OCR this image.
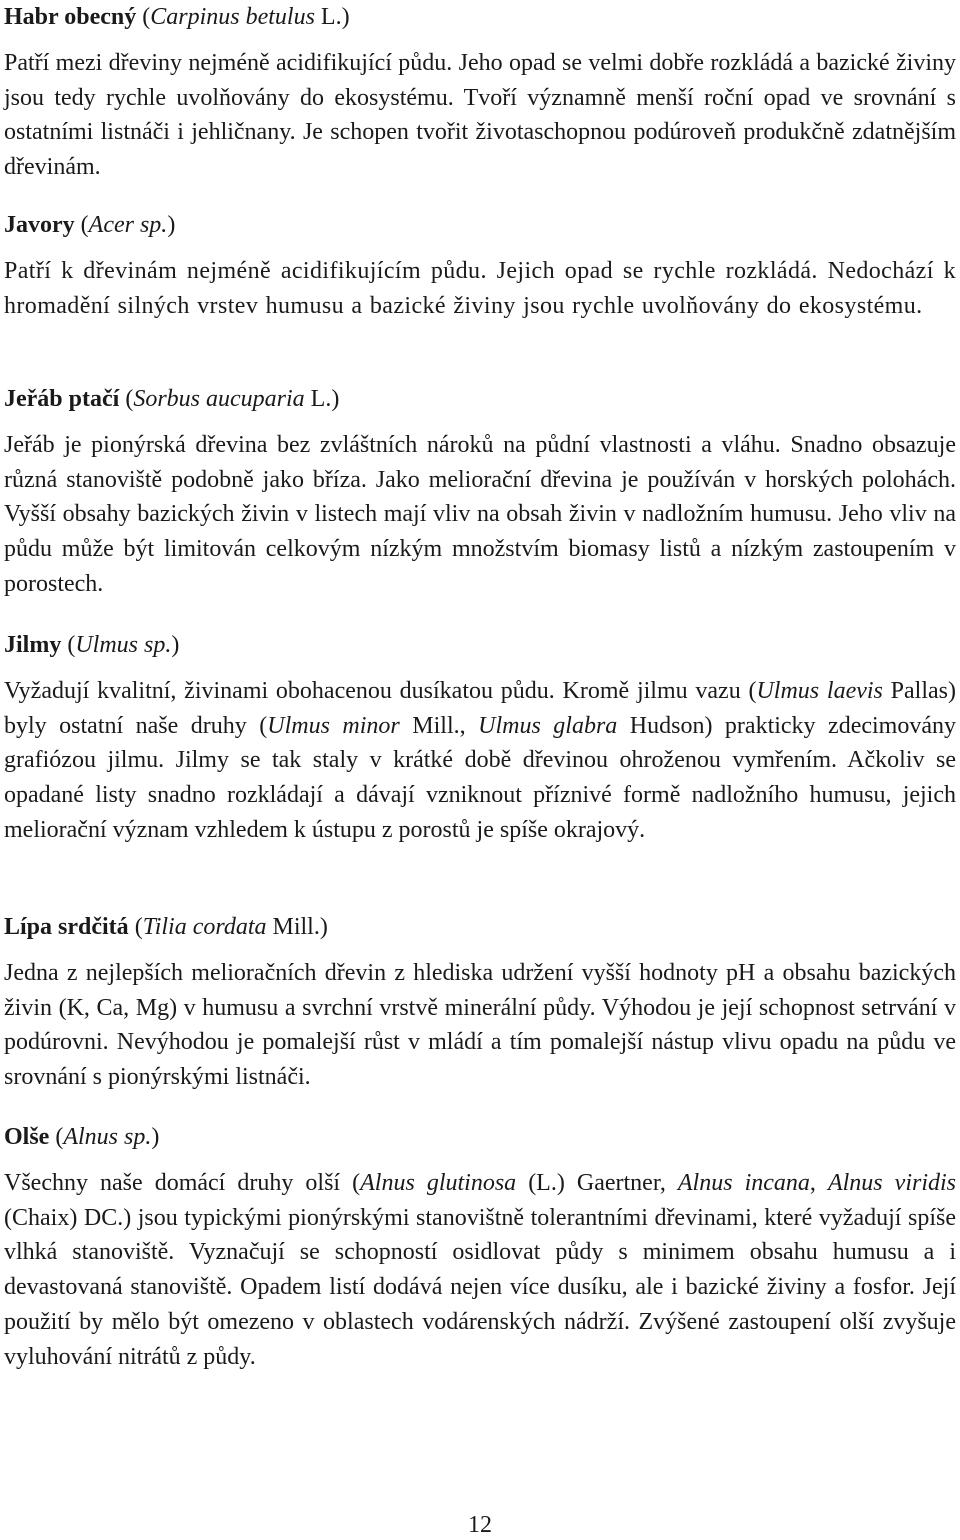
Habr obecný (Carpinus betulus L.)

Patří mezi dřeviny nejméně acidifikující půdu. Jeho opad se velmi dobře rozkládá a bazické živiny jsou tedy rychle uvolňovány do ekosystému. Tvoří významně menší roční opad ve srovnání s ostatními listnáči i jehličnany. Je schopen tvořit životaschopnou podúroveň produkčně zdatnějším dřevinám.

Javory (Acer sp.)

Patří k dřevinám nejméně acidifikujícím půdu. Jejich opad se rychle rozkládá. Nedochází k hromadění silných vrstev humusu a bazické živiny jsou rychle uvolňovány do ekosystému.

Jeřáb ptačí (Sorbus aucuparia L.)

Jeřáb je pionýrská dřevina bez zvláštních nároků na půdní vlastnosti a vláhu. Snadno obsazuje různá stanoviště podobně jako bříza. Jako meliorační dřevina je používán v horských polohách. Vyšší obsahy bazických živin v listech mají vliv na obsah živin v nadložním humusu. Jeho vliv na půdu může být limitován celkovým nízkým množstvím biomasy listů a nízkým zastoupením v porostech.

Jilmy (Ulmus sp.)

Vyžadují kvalitní, živinami obohacenou dusíkatou půdu. Kromě jilmu vazu (Ulmus laevis Pallas) byly ostatní naše druhy (Ulmus minor Mill., Ulmus glabra Hudson) prakticky zdecimovány grafiózou jilmu. Jilmy se tak staly v krátké době dřevinou ohroženou vymřením. Ačkoliv se opadané listy snadno rozkládají a dávají vzniknout příznivé formě nadložního humusu, jejich meliorační význam vzhledem k ústupu z porostů je spíše okrajový.

Lípa srdčitá (Tilia cordata Mill.)

Jedna z nejlepších melioračních dřevin z hlediska udržení vyšší hodnoty pH a obsahu bazických živin (K, Ca, Mg) v humusu a svrchní vrstvě minerální půdy. Výhodou je její schopnost setrvání v podúrovni. Nevýhodou je pomalejší růst v mládí a tím pomalejší nástup vlivu opadu na půdu ve srovnání s pionýrskými listnáči.

Olše (Alnus sp.)

Všechny naše domácí druhy olší (Alnus glutinosa (L.) Gaertner, Alnus incana, Alnus viridis (Chaix) DC.) jsou typickými pionýrskými stanovištně tolerantními dřevinami, které vyžadují spíše vlhká stanoviště. Vyznačují se schopností osidlovat půdy s minimem obsahu humusu a i devastovaná stanoviště. Opadem listí dodává nejen více dusíku, ale i bazické živiny a fosfor. Její použití by mělo být omezeno v oblastech vodárenských nádrží. Zvýšené zastoupení olší zvyšuje vyluhování nitrátů z půdy.

12
